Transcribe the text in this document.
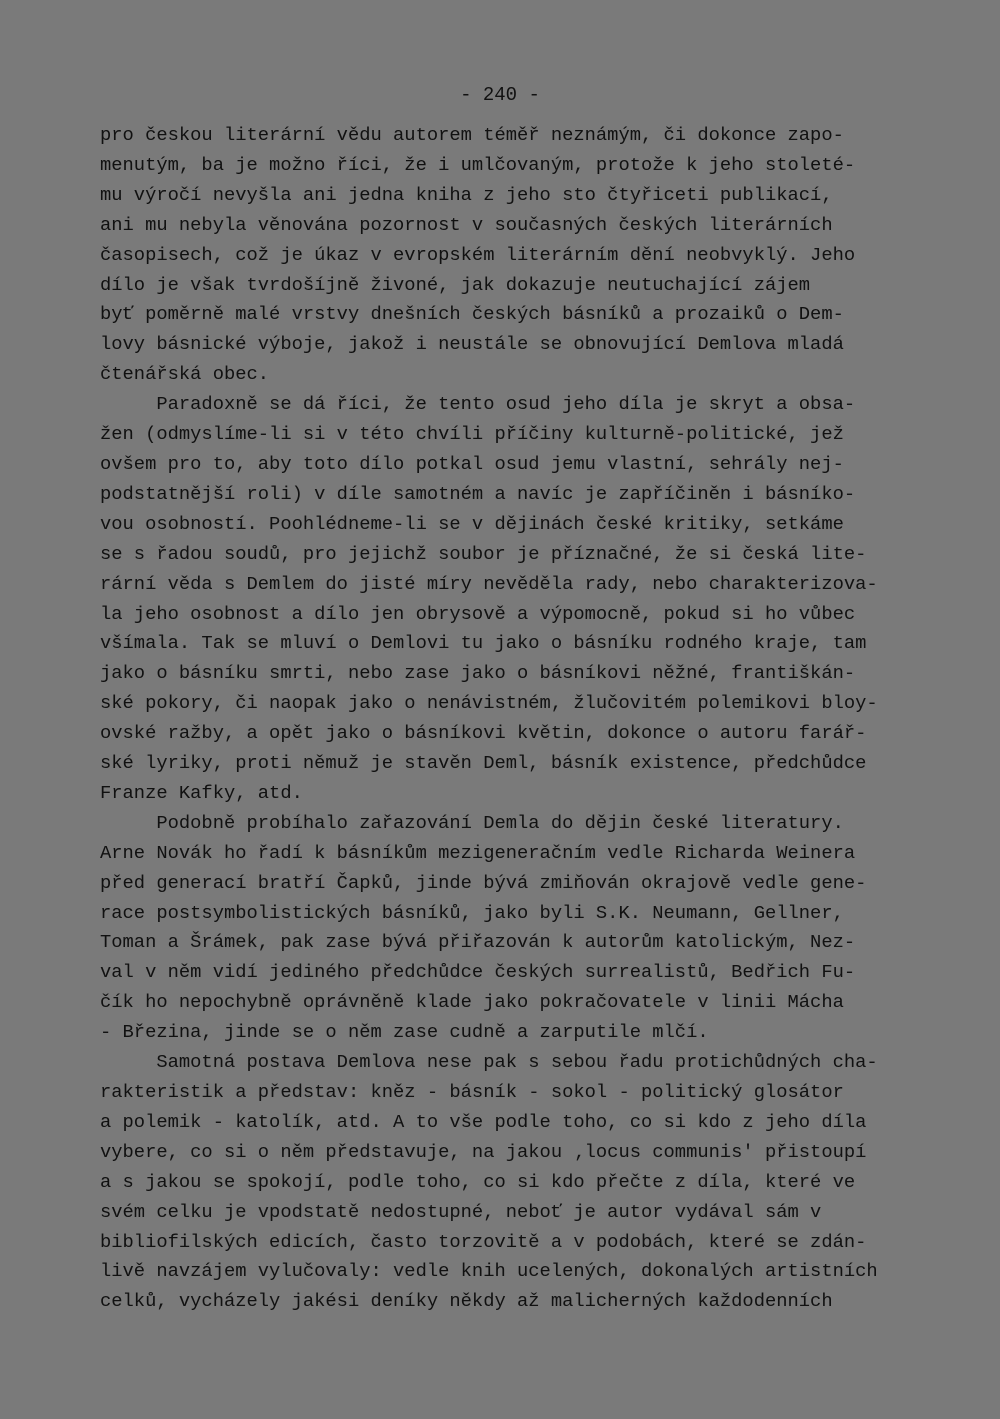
- 240 -
pro českou literární vědu autorem téměř neznámým, či dokonce zapo-
menutým, ba je možno říci, že i umlčovaným, protože k jeho stoleté-
mu výročí nevyšla ani jedna kniha z jeho sto čtyřiceti publikací,
ani mu nebyla věnována pozornost v současných českých literárních
časopisech, což je úkaz v evropském literárním dění neobvyklý. Jeho
dílo je však tvrdošíjně živoné, jak dokazuje neutuchající zájem
byť poměrně malé vrstvy dnešních českých básníků a prozaiků o Dem-
lovy básnické výboje, jakož i neustále se obnovující Demlova mladá
čtenářská obec.
Paradoxně se dá říci, že tento osud jeho díla je skryt a obsa-
žen (odmyslíme-li si v této chvíli příčiny kulturně-politické, jež
ovšem pro to, aby toto dílo potkal osud jemu vlastní, sehrály nej-
podstatnější roli) v díle samotném a navíc je zapříčiněn i básníko-
vou osobností. Poohlédneme-li se v dějinách české kritiky, setkáme
se s řadou soudů, pro jejichž soubor je příznačné, že si česká lite-
rární věda s Demlem do jisté míry nevěděla rady, nebo charakterizova-
la jeho osobnost a dílo jen obrysově a výpomocně, pokud si ho vůbec
všímala. Tak se mluví o Demlovi tu jako o básníku rodného kraje, tam
jako o básníku smrti, nebo zase jako o básníkovi něžné, františkán-
ské pokory, či naopak jako o nenávistném, žlučovitém polemikovi bloy-
ovské ražby, a opět jako o básníkovi květin, dokonce o autoru farář-
ské lyriky, proti němuž je stavěn Deml, básník existence, předchůdce
Franze Kafky, atd.
Podobně probíhalo zařazování Demla do dějin české literatury.
Arne Novák ho řadí k básníkům mezigeneračním vedle Richarda Weinera
před generací bratří Čapků, jinde bývá zmiňován okrajově vedle gene-
race postsymbolistických básníků, jako byli S.K. Neumann, Gellner,
Toman a Šrámek, pak zase bývá přiřazován k autorům katolickým, Nez-
val v něm vidí jediného předchůdce českých surrealistů, Bedřich Fu-
čík ho nepochybně oprávněně klade jako pokračovatele v linii Mácha
- Březina, jinde se o něm zase cudně a zarputile mlčí.
Samotná postava Demlova nese pak s sebou řadu protichůdných cha-
rakteristik a představ: kněz - básník - sokol - politický glosátor
a polemik - katolík, atd. A to vše podle toho, co si kdo z jeho díla
vybere, co si o něm představuje, na jakou ‚locus communis' přistoupí
a s jakou se spokojí, podle toho, co si kdo přečte z díla, které ve
svém celku je vpodstatě nedostupné, neboť je autor vydával sám v
bibliofilských edicích, často torzovitě a v podobách, které se zdán-
livě navzájem vylučovaly: vedle knih ucelených, dokonalých artistních
celků, vycházely jakési deníky někdy až malicherných každodenních
